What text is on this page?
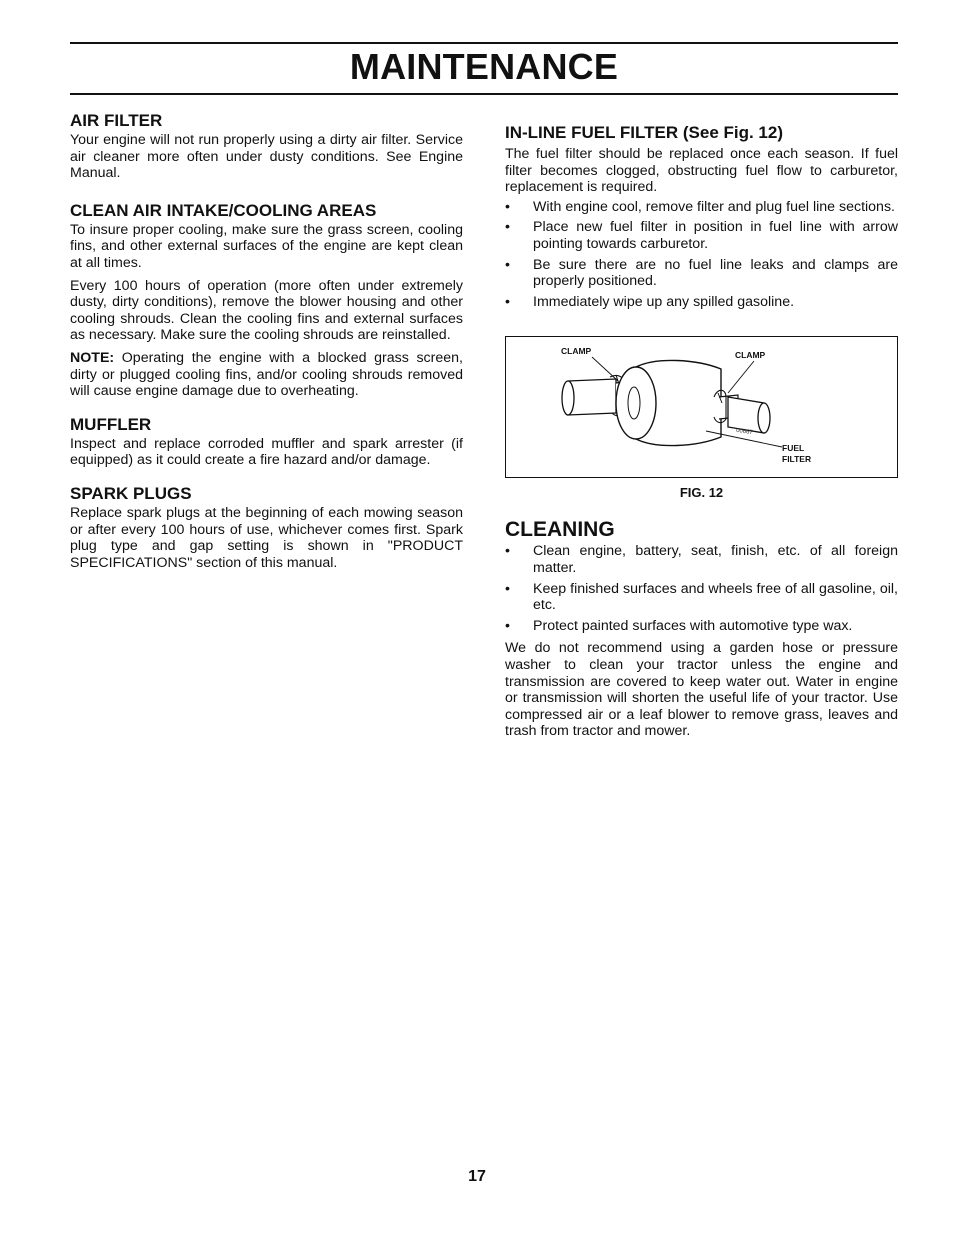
MAINTENANCE
AIR FILTER

Your engine will not run properly using a dirty air filter. Service air cleaner more often under dusty conditions. See Engine Manual.

CLEAN AIR INTAKE/COOLING AREAS

To insure proper cooling, make sure the grass screen, cooling fins, and other external surfaces of the engine are kept clean at all times.

Every 100 hours of operation (more often under extremely dusty, dirty conditions), remove the blower housing and other cooling shrouds. Clean the cooling fins and external surfaces as necessary. Make sure the cooling shrouds are reinstalled.

NOTE: Operating the engine with a blocked grass screen, dirty or plugged cooling fins, and/or cooling shrouds removed will cause engine damage due to overheating.

MUFFLER

Inspect and replace corroded muffler and spark arrester (if equipped) as it could create a fire hazard and/or damage.

SPARK PLUGS

Replace spark plugs at the beginning of each mowing season or after every 100 hours of use, whichever comes first. Spark plug type and gap setting is shown in "PRODUCT SPECIFICATIONS" section of this manual.

IN-LINE FUEL FILTER (See Fig. 12)

The fuel filter should be replaced once each season. If fuel filter becomes clogged, obstructing fuel flow to carburetor, replacement is required.

• With engine cool, remove filter and plug fuel line sections.
• Place new fuel filter in position in fuel line with arrow pointing towards carburetor.
• Be sure there are no fuel line leaks and clamps are properly positioned.
• Immediately wipe up any spilled gasoline.
CLAMP	CLAMP
00667
FUEL
FILTER
FIG. 12
CLEANING
• Clean engine, battery, seat, finish, etc. of all foreign matter.
• Keep finished surfaces and wheels free of all gasoline, oil, etc.
• Protect painted surfaces with automotive type wax.

We do not recommend using a garden hose or pressure washer to clean your tractor unless the engine and transmission are covered to keep water out. Water in engine or transmission will shorten the useful life of your tractor. Use compressed air or a leaf blower to remove grass, leaves and trash from tractor and mower.

17
